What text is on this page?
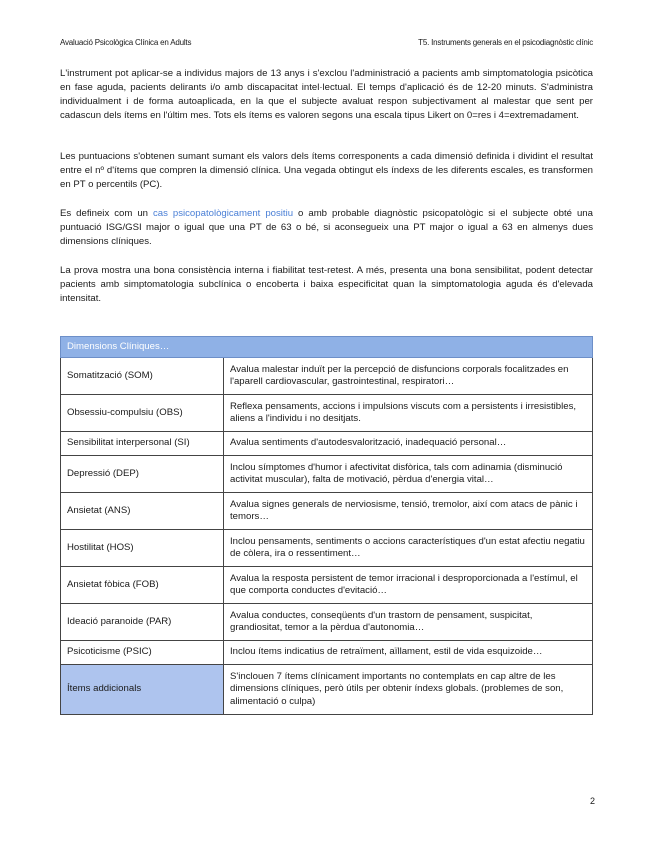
Avaluació Psicològica Clínica en Adults	T5. Instruments generals en el psicodiagnòstic clínic

L'instrument pot aplicar-se a individus majors de 13 anys i s'exclou l'administració a pacients amb simptomatologia psicòtica en fase aguda, pacients delirants i/o amb discapacitat intel·lectual. El temps d'aplicació és de 12-20 minuts. S'administra individualment i de forma autoaplicada, en la que el subjecte avaluat respon subjectivament al malestar que sent per cadascun dels ítems en l'últim mes. Tots els ítems es valoren segons una escala tipus Likert on 0=res i 4=extremadament.

Les puntuacions s'obtenen sumant sumant els valors dels ítems corresponents a cada dimensió definida i dividint el resultat entre el nº d'ítems que compren la dimensió clínica. Una vegada obtingut els índexs de les diferents escales, es transformen en PT o percentils (PC).

Es defineix com un cas psicopatològicament positiu o amb probable diagnòstic psicopatològic si el subjecte obté una puntuació ISG/GSI major o igual que una PT de 63 o bé, si aconsegueix una PT major o igual a 63 en almenys dues dimensions clíniques.

La prova mostra una bona consistència interna i fiabilitat test-retest. A més, presenta una bona sensibilitat, podent detectar pacients amb simptomatologia subclínica o encoberta i baixa especificitat quan la simptomatologia aguda és d'elevada intensitat.

Dimensions Clíniques…	
Somatització (SOM)	Avalua malestar induït per la percepció de disfuncions corporals focalitzades en l'aparell cardiovascular, gastrointestinal, respiratori…
Obsessiu-compulsiu (OBS)	Reflexa pensaments, accions i impulsions viscuts com a persistents i irresistibles, aliens a l'individu i no desitjats.
Sensibilitat interpersonal (SI)	Avalua sentiments d'autodesvalorització, inadequació personal…
Depressió (DEP)	Inclou símptomes d'humor i afectivitat disfòrica, tals com adinamia (disminució activitat muscular), falta de motivació, pèrdua d'energia vital…
Ansietat (ANS)	Avalua signes generals de nerviosisme, tensió, tremolor, així com atacs de pànic i temors…
Hostilitat (HOS)	Inclou pensaments, sentiments o accions característiques d'un estat afectiu negatiu de còlera, ira o ressentiment…
Ansietat fòbica (FOB)	Avalua la resposta persistent de temor irracional i desproporcionada a l'estímul, el que comporta conductes d'evitació…
Ideació paranoide (PAR)	Avalua conductes, conseqüents d'un trastorn de pensament, suspicitat, grandiositat, temor a la pèrdua d'autonomia…
Psicoticisme (PSIC)	Inclou ítems indicatius de retraïment, aïllament, estil de vida esquizoide…
Ítems addicionals	S'inclouen 7 ítems clínicament importants no contemplats en cap altre de les dimensions clíniques, però útils per obtenir índexs globals. (problemes de son, alimentació o culpa)
2
